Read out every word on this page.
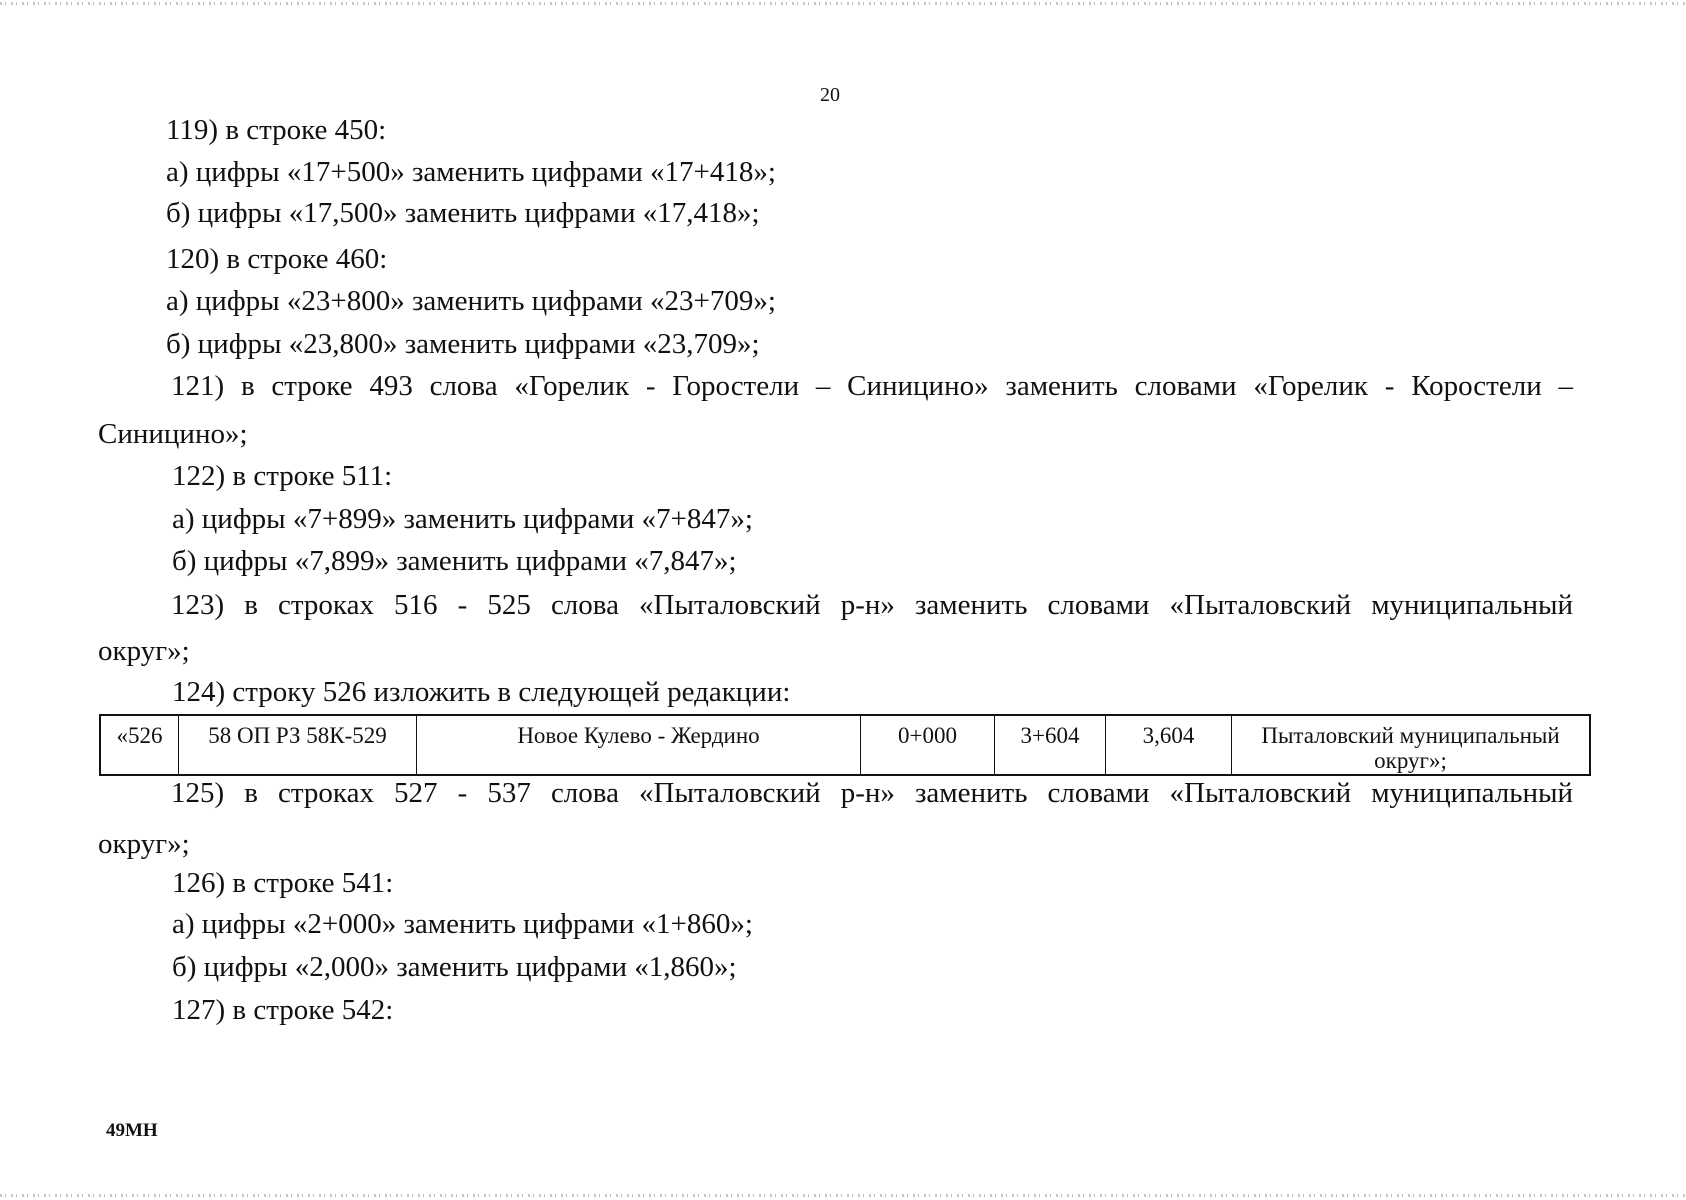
20
119) в строке 450:
а) цифры «17+500» заменить цифрами «17+418»;
б) цифры «17,500» заменить цифрами «17,418»;
120) в строке 460:
а) цифры «23+800» заменить цифрами «23+709»;
б) цифры «23,800» заменить цифрами «23,709»;
121) в строке 493 слова «Горелик - Горостели – Синицино» заменить словами «Горелик - Коростели –
Синицино»;
122) в строке 511:
а) цифры «7+899» заменить цифрами «7+847»;
б) цифры «7,899» заменить цифрами «7,847»;
123) в строках 516 - 525 слова «Пыталовский р-н» заменить словами «Пыталовский муниципальный
округ»;
124) строку 526 изложить в следующей редакции:
«526	58 ОП РЗ 58К-529	Новое Кулево - Жердино	0+000	3+604	3,604	Пыталовский муниципальный округ»;
125) в строках 527 - 537 слова «Пыталовский р-н» заменить словами «Пыталовский муниципальный
округ»;
126) в строке 541:
а) цифры «2+000» заменить цифрами «1+860»;
б) цифры «2,000» заменить цифрами «1,860»;
127) в строке 542:
49МН
